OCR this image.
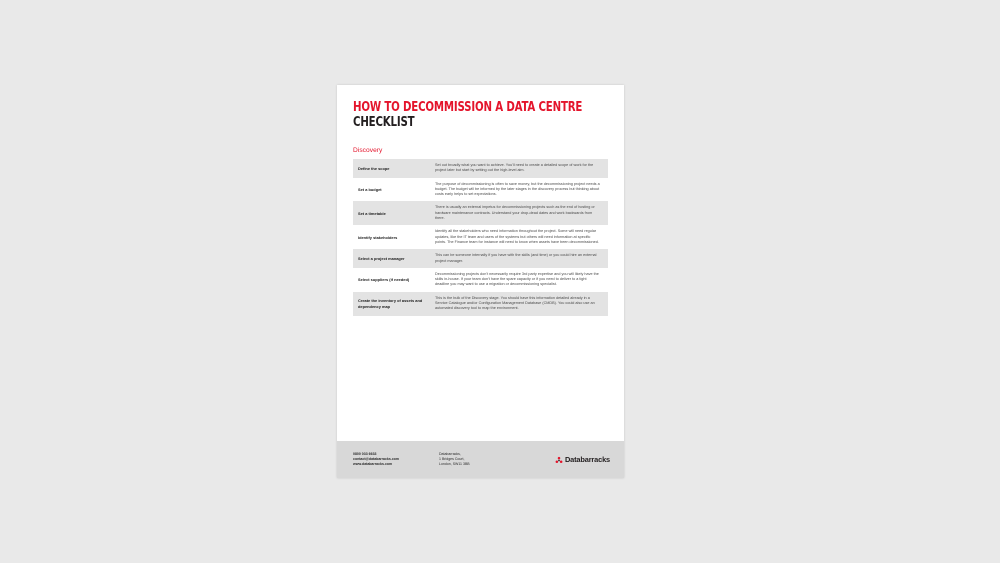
HOW TO DECOMMISSION A DATA CENTRE
CHECKLIST
Discovery
Define the scope	Set out broadly what you want to achieve. You'll need to create a detailed scope of work for the project later but start by setting out the high-level aim.
Set a budget	The purpose of decommissioning is often to save money, but the decommissioning project needs a budget. The budget will be informed by the later stages in the discovery process but thinking about costs early helps to set expectations.
Set a timetable	There is usually an external impetus for decommissioning projects such as the end of hosting or hardware maintenance contracts. Understand your drop-dead dates and work backwards from there.
Identify stakeholders	Identify all the stakeholders who need information throughout the project. Some will need regular updates, like the IT team and users of the systems but others will need information at specific points. The Finance team for instance will need to know when assets have been decommissioned.
Select a project manager	This can be someone internally if you have with the skills (and time) or you could hire an external project manager.
Select suppliers (if needed)	Decommissioning projects don't necessarily require 3rd party expertise and you will likely have the skills in-house. If your team don't have the spare capacity or if you need to deliver to a tight deadline you may want to use a migration or decommissioning specialist.
Create the inventory of assets and dependency map	This is the bulk of the Discovery stage. You should have this information detailed already in a Service Catalogue and/or Configuration Management Database (CMDB). You could also use an automated discovery tool to map the environment.
0800 033 6633
contact@databarracks.com
www.databarracks.com
Databarracks,
1 Bridges Court,
London, SW11 3BB
Databarracks
